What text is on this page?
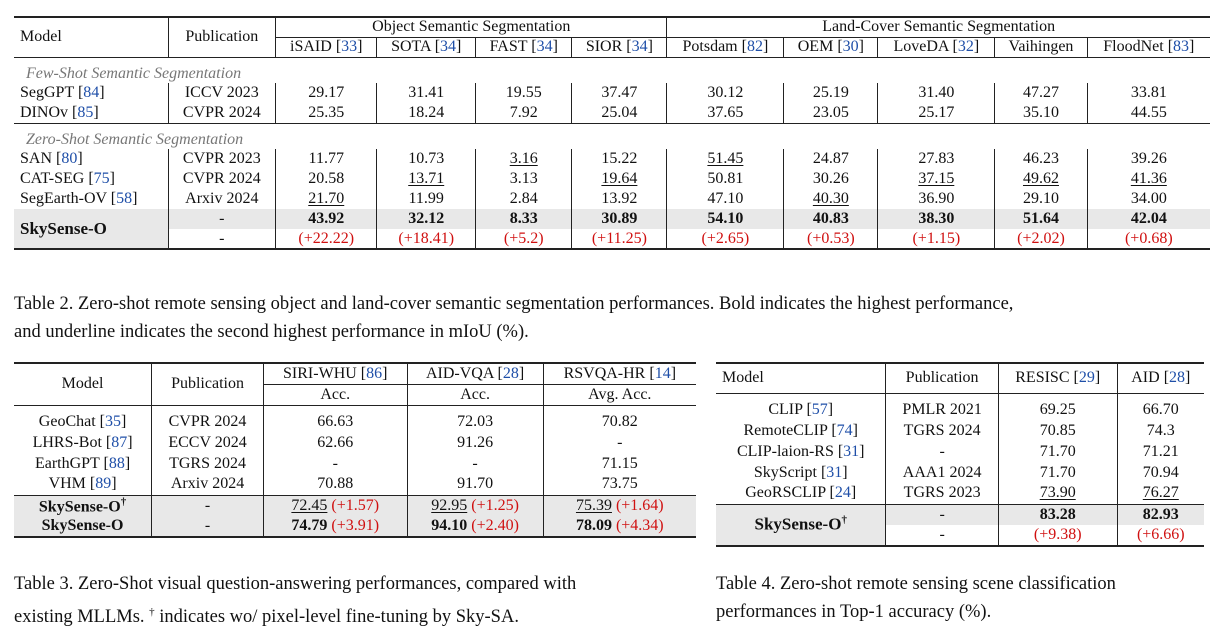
Model	Publication	Object Semantic Segmentation				Land-Cover Semantic Segmentation				
		iSAID [33]	SOTA [34]	FAST [34]	SIOR [34]	Potsdam [82]	OEM [30]	LoveDA [32]	Vaihingen	FloodNet [83]
Few-Shot Semantic Segmentation										
SegGPT [84]	ICCV 2023	29.17	31.41	19.55	37.47	30.12	25.19	31.40	47.27	33.81
DINOv [85]	CVPR 2024	25.35	18.24	7.92	25.04	37.65	23.05	25.17	35.10	44.55
Zero-Shot Semantic Segmentation										
SAN [80]	CVPR 2023	11.77	10.73	3.16	15.22	51.45	24.87	27.83	46.23	39.26
CAT-SEG [75]	CVPR 2024	20.58	13.71	3.13	19.64	50.81	30.26	37.15	49.62	41.36
SegEarth-OV [58]	Arxiv 2024	21.70	11.99	2.84	13.92	47.10	40.30	36.90	29.10	34.00
SkySense-O	-	43.92	32.12	8.33	30.89	54.10	40.83	38.30	51.64	42.04
	-	(+22.22)	(+18.41)	(+5.2)	(+11.25)	(+2.65)	(+0.53)	(+1.15)	(+2.02)	(+0.68)
Table 2. Zero-shot remote sensing object and land-cover semantic segmentation performances. Bold indicates the highest performance,
and underline indicates the second highest performance in mIoU (%).
Model	Publication	SIRI-WHU [86]	AID-VQA [28]	RSVQA-HR [14]
		Acc.	Acc.	Avg. Acc.

GeoChat [35]	CVPR 2024	66.63	72.03	70.82
LHRS-Bot [87]	ECCV 2024	62.66	91.26	-
EarthGPT [88]	TGRS 2024	-	-	71.15
VHM [89]	Arxiv 2024	70.88	91.70	73.75
SkySense-O†	-	72.45 (+1.57)	92.95 (+1.25)	75.39 (+1.64)
SkySense-O	-	74.79 (+3.91)	94.10 (+2.40)	78.09 (+4.34)
Table 3. Zero-Shot visual question-answering performances, compared with
existing MLLMs. † indicates wo/ pixel-level fine-tuning by Sky-SA.
Model	Publication	RESISC [29]	AID [28]

CLIP [57]	PMLR 2021	69.25	66.70
RemoteCLIP [74]	TGRS 2024	70.85	74.3
CLIP-laion-RS [31]	-	71.70	71.21
SkyScript [31]	AAA1 2024	71.70	70.94
GeoRSCLIP [24]	TGRS 2023	73.90	76.27
SkySense-O†	-	83.28	82.93
	-	(+9.38)	(+6.66)
Table 4. Zero-shot remote sensing scene classification
performances in Top-1 accuracy (%).
